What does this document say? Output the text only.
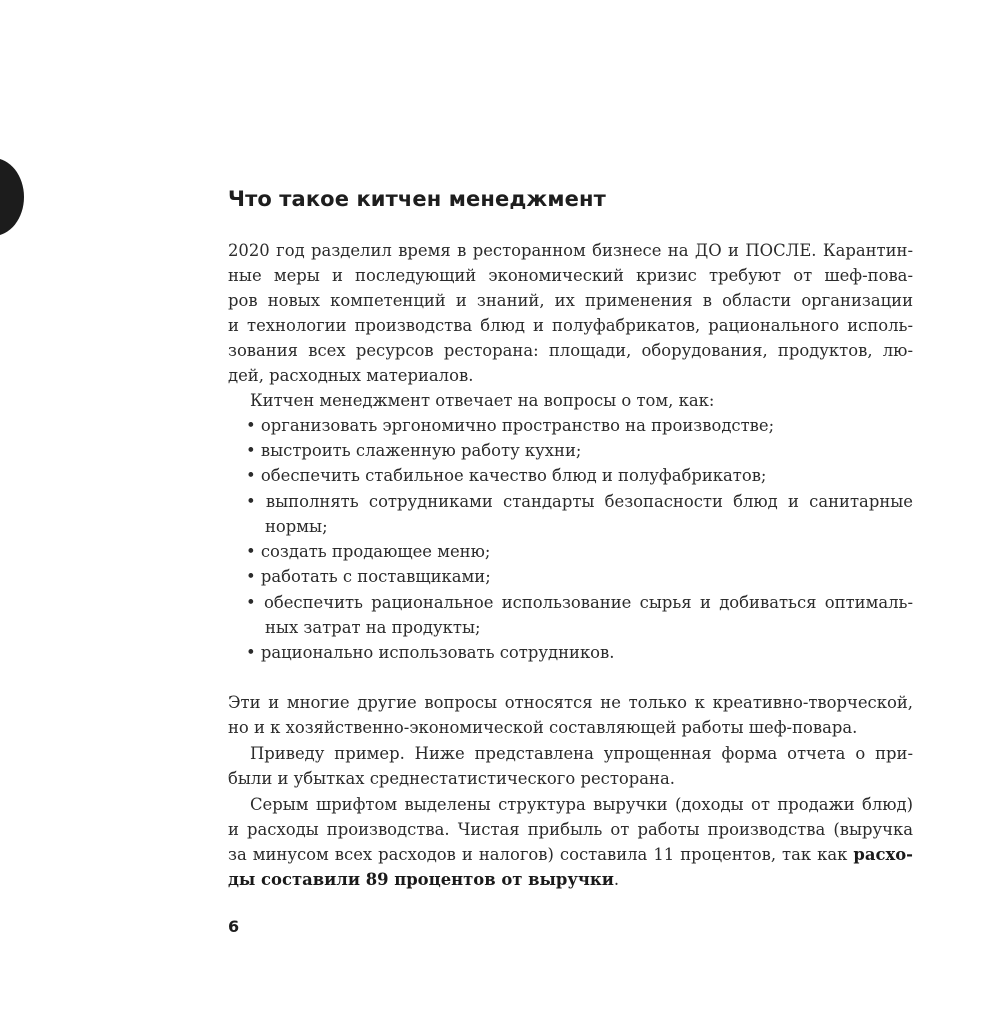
Что такое китчен менеджмент
2020 год разделил время в ресторанном бизнесе на ДО и ПОСЛЕ. Карантин-
ные меры и последующий экономический кризис требуют от шеф-пова-
ров новых компетенций и знаний, их применения в области организации
и технологии производства блюд и полуфабрикатов, рационального исполь-
зования всех ресурсов ресторана: площади, оборудования, продуктов, лю-
дей, расходных материалов.
Китчен менеджмент отвечает на вопросы о том, как:
• организовать эргономично пространство на производстве;
• выстроить слаженную работу кухни;
• обеспечить стабильное качество блюд и полуфабрикатов;
• выполнять сотрудниками стандарты безопасности блюд и санитарные
нормы;
• создать продающее меню;
• работать с поставщиками;
• обеспечить рациональное использование сырья и добиваться оптималь-
ных затрат на продукты;
• рационально использовать сотрудников.
Эти и многие другие вопросы относятся не только к креативно-творческой,
но и к хозяйственно-экономической составляющей работы шеф-повара.
Приведу пример. Ниже представлена упрощенная форма отчета о при-
были и убытках среднестатистического ресторана.
Серым шрифтом выделены структура выручки (доходы от продажи блюд)
и расходы производства. Чистая прибыль от работы производства (выручка
за минусом всех расходов и налогов) составила 11 процентов, так как расхо-
ды составили 89 процентов от выручки.
6
